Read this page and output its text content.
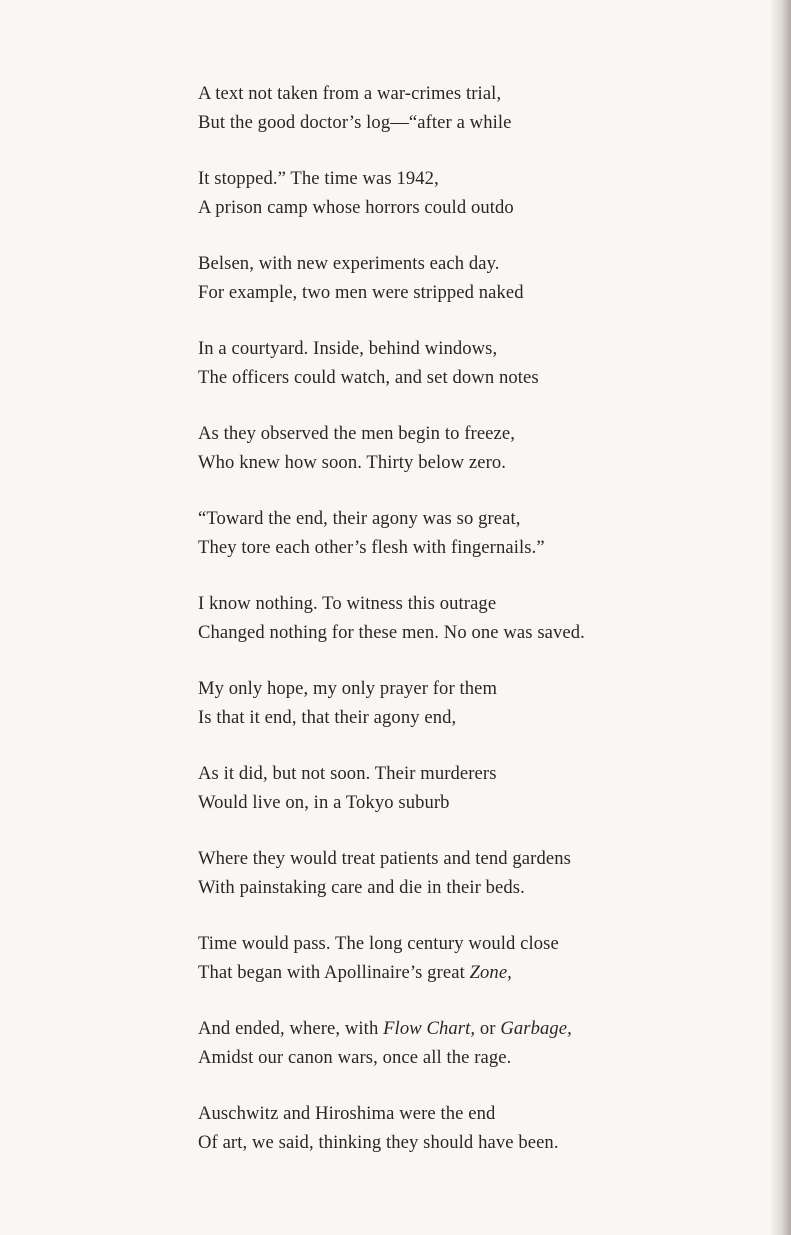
A text not taken from a war-crimes trial,
But the good doctor’s log—“after a while
It stopped.” The time was 1942,
A prison camp whose horrors could outdo
Belsen, with new experiments each day.
For example, two men were stripped naked
In a courtyard. Inside, behind windows,
The officers could watch, and set down notes
As they observed the men begin to freeze,
Who knew how soon. Thirty below zero.
“Toward the end, their agony was so great,
They tore each other’s flesh with fingernails.”
I know nothing. To witness this outrage
Changed nothing for these men. No one was saved.
My only hope, my only prayer for them
Is that it end, that their agony end,
As it did, but not soon. Their murderers
Would live on, in a Tokyo suburb
Where they would treat patients and tend gardens
With painstaking care and die in their beds.
Time would pass. The long century would close
That began with Apollinaire’s great Zone,
And ended, where, with Flow Chart, or Garbage,
Amidst our canon wars, once all the rage.
Auschwitz and Hiroshima were the end
Of art, we said, thinking they should have been.
